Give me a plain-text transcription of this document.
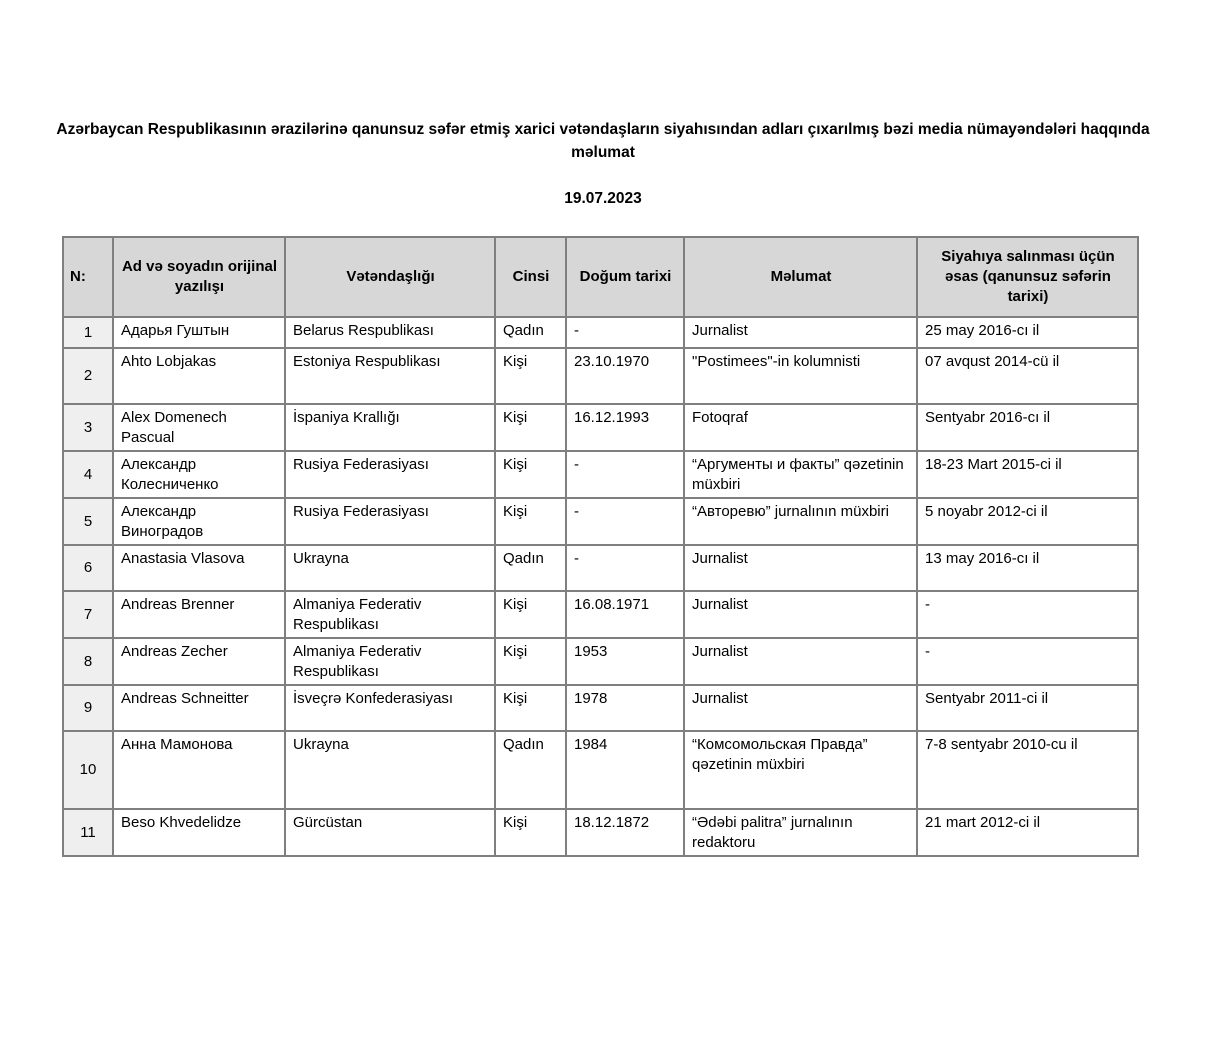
Azərbaycan Respublikasının ərazilərinə qanunsuz səfər etmiş xarici vətəndaşların siyahısından adları çıxarılmış bəzi media nümayəndələri haqqında məlumat
19.07.2023
N:	Ad və soyadın orijinal yazılışı	Vətəndaşlığı	Cinsi	Doğum tarixi	Məlumat	Siyahıya salınması üçün əsas (qanunsuz səfərin tarixi)
1	Адарья Гуштын	Belarus Respublikası	Qadın	-	Jurnalist	25 may 2016-cı il
2	Ahto Lobjakas	Estoniya Respublikası	Kişi	23.10.1970	"Postimees"-in kolumnisti	07 avqust 2014-cü il
3	Alex Domenech Pascual	İspaniya Krallığı	Kişi	16.12.1993	Fotoqraf	Sentyabr 2016-cı il
4	Александр Колесниченко	Rusiya Federasiyası	Kişi	-	“Аргументы и факты” qəzetinin müxbiri	18-23 Mart 2015-ci il
5	Александр Виноградов	Rusiya Federasiyası	Kişi	-	“Авторевю” jurnalının müxbiri	5 noyabr 2012-ci il
6	Anastasia Vlasova	Ukrayna	Qadın	-	Jurnalist	13 may 2016-cı il
7	Andreas Brenner	Almaniya Federativ Respublikası	Kişi	16.08.1971	Jurnalist	-
8	Andreas Zecher	Almaniya Federativ Respublikası	Kişi	1953	Jurnalist	-
9	Andreas Schneitter	İsveçrə Konfederasiyası	Kişi	1978	Jurnalist	Sentyabr 2011-ci il
10	Анна Мамонова	Ukrayna	Qadın	1984	“Комсомольская Правда” qəzetinin müxbiri	7-8 sentyabr 2010-cu il
11	Beso Khvedelidze	Gürcüstan	Kişi	18.12.1872	“Ədəbi palitra” jurnalının redaktoru	21 mart 2012-ci il
